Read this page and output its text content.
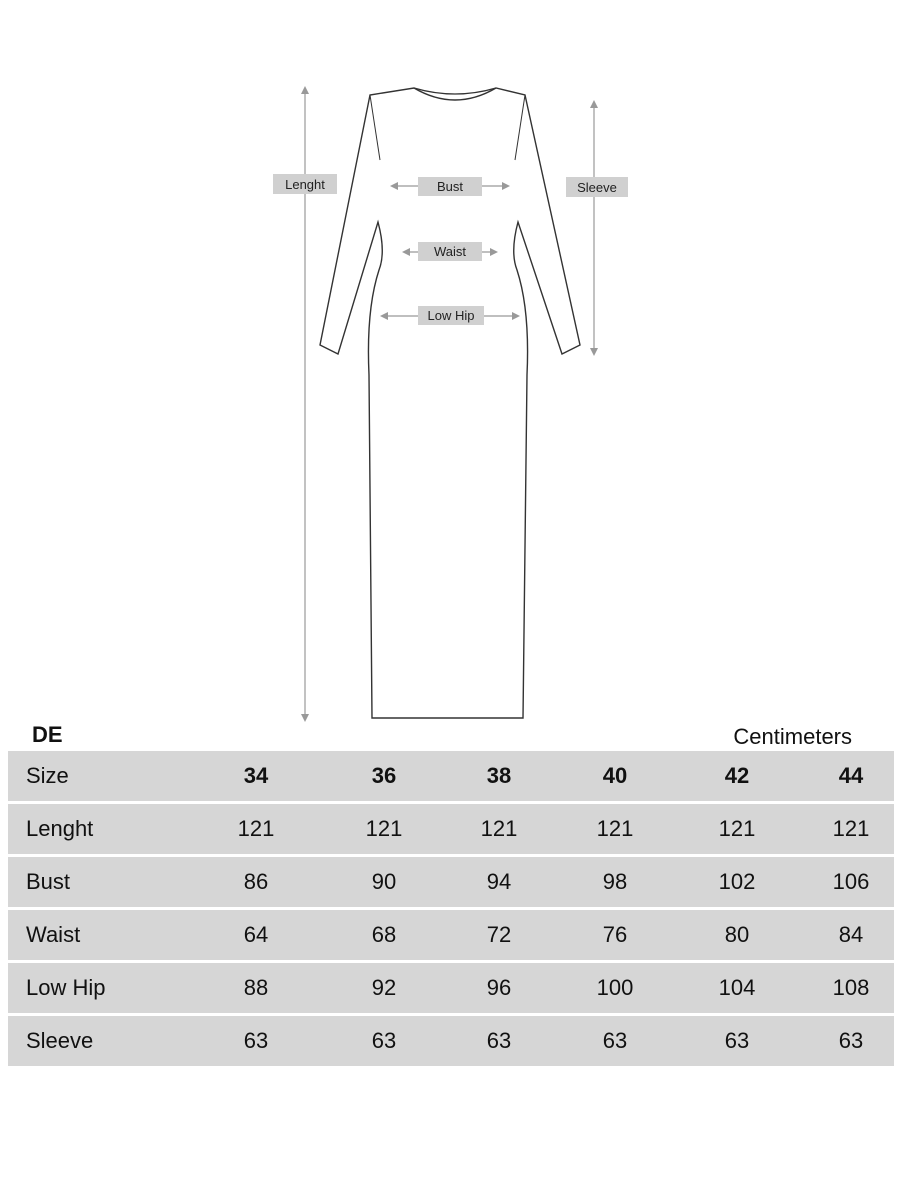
Lenght	Sleeve
Bust
Waist
Low Hip
DE	Centimeters
Size	34	36	38	40	42	44
Lenght	121	121	121	121	121	121
Bust	86	90	94	98	102	106
Waist	64	68	72	76	80	84
Low Hip	88	92	96	100	104	108
Sleeve	63	63	63	63	63	63
